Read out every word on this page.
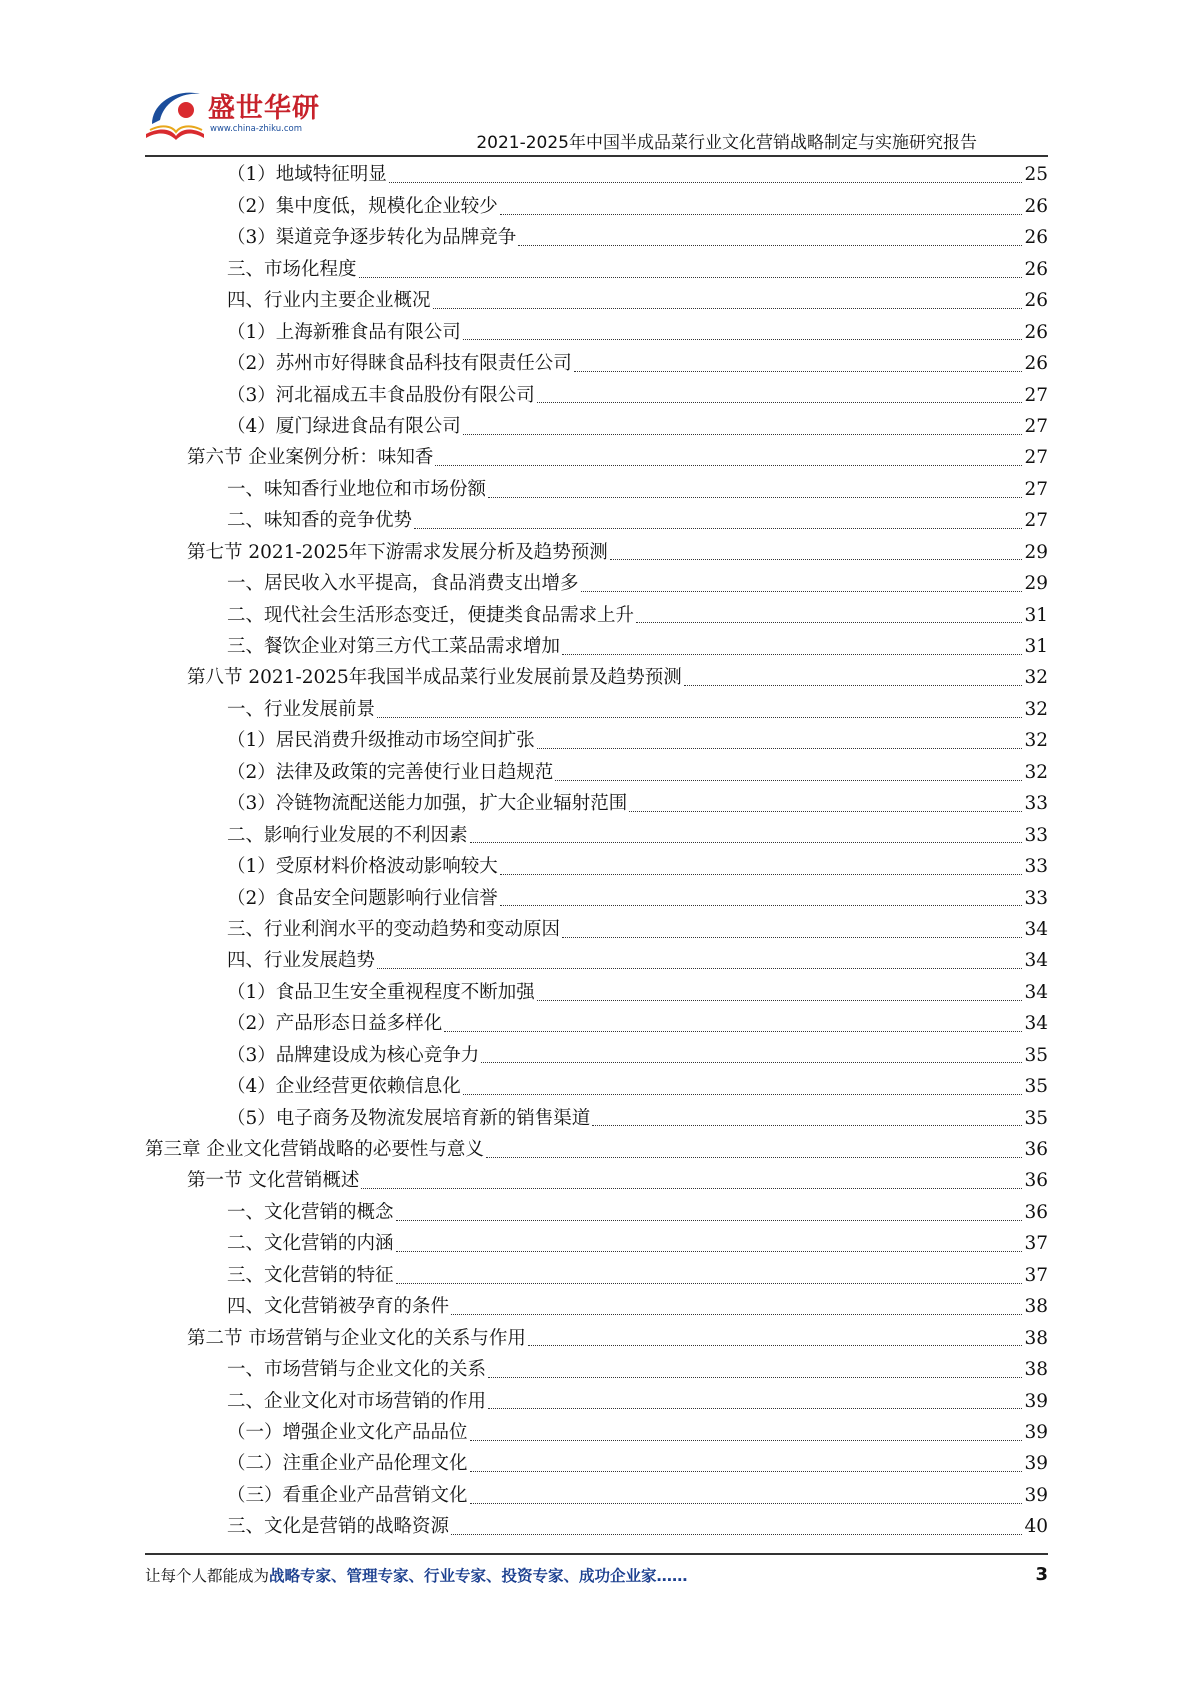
盛世华研
www.china-zhiku.com
2021-2025年中国半成品菜行业文化营销战略制定与实施研究报告
（1）地域特征明显	25
（2）集中度低，规模化企业较少	26
（3）渠道竞争逐步转化为品牌竞争	26
三、市场化程度	26
四、行业内主要企业概况	26
（1）上海新雅食品有限公司	26
（2）苏州市好得睐食品科技有限责任公司	26
（3）河北福成五丰食品股份有限公司	27
（4）厦门绿进食品有限公司	27
第六节 企业案例分析：味知香	27
一、味知香行业地位和市场份额	27
二、味知香的竞争优势	27
第七节 2021-2025年下游需求发展分析及趋势预测	29
一、居民收入水平提高，食品消费支出增多	29
二、现代社会生活形态变迁，便捷类食品需求上升	31
三、餐饮企业对第三方代工菜品需求增加	31
第八节 2021-2025年我国半成品菜行业发展前景及趋势预测	32
一、行业发展前景	32
（1）居民消费升级推动市场空间扩张	32
（2）法律及政策的完善使行业日趋规范	32
（3）冷链物流配送能力加强，扩大企业辐射范围	33
二、影响行业发展的不利因素	33
（1）受原材料价格波动影响较大	33
（2）食品安全问题影响行业信誉	33
三、行业利润水平的变动趋势和变动原因	34
四、行业发展趋势	34
（1）食品卫生安全重视程度不断加强	34
（2）产品形态日益多样化	34
（3）品牌建设成为核心竞争力	35
（4）企业经营更依赖信息化	35
（5）电子商务及物流发展培育新的销售渠道	35
第三章 企业文化营销战略的必要性与意义	36
第一节 文化营销概述	36
一、文化营销的概念	36
二、文化营销的内涵	37
三、文化营销的特征	37
四、文化营销被孕育的条件	38
第二节 市场营销与企业文化的关系与作用	38
一、市场营销与企业文化的关系	38
二、企业文化对市场营销的作用	39
（一）增强企业文化产品品位	39
（二）注重企业产品伦理文化	39
（三）看重企业产品营销文化	39
三、文化是营销的战略资源	40
让每个人都能成为战略专家、管理专家、行业专家、投资专家、成功企业家……	3
